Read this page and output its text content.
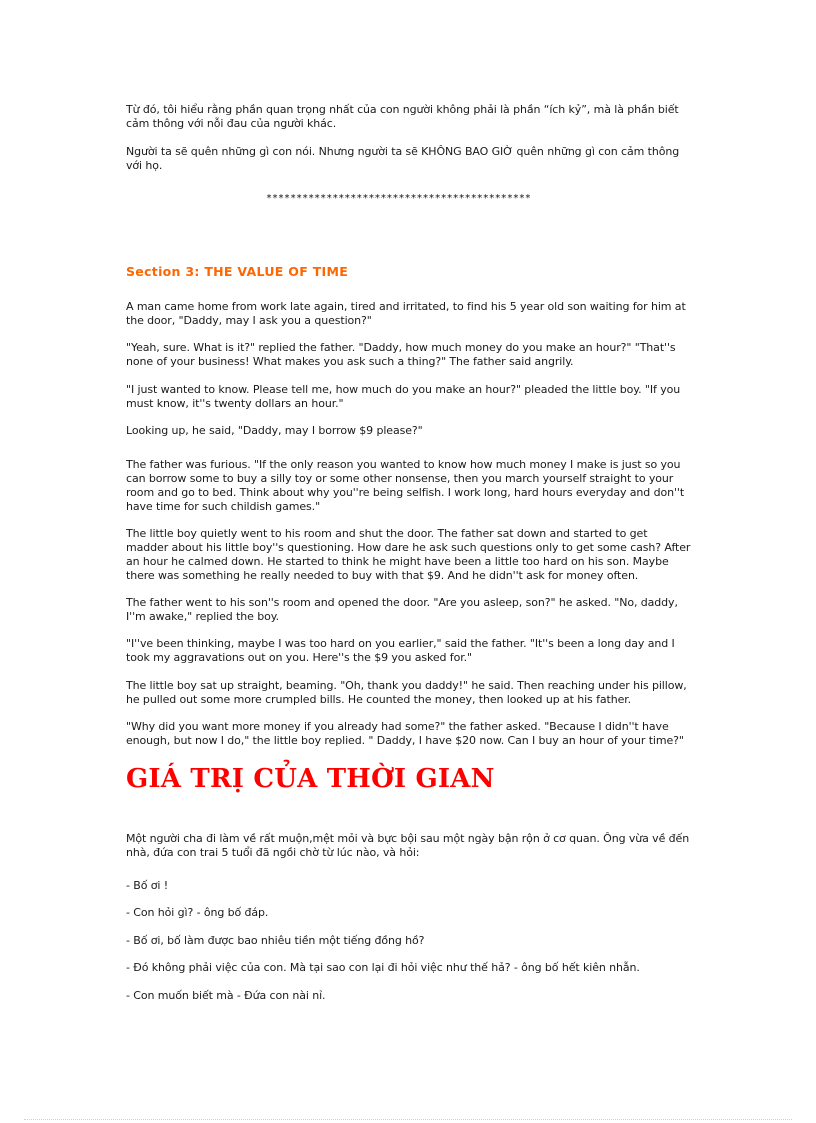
Từ đó, tôi hiểu rằng phần quan trọng nhất của con người không phải là phần “ích kỷ”, mà là phần biết cảm thông với nỗi đau của người khác.

Người ta sẽ quên những gì con nói. Nhưng người ta sẽ KHÔNG BAO GIỜ quên những gì con cảm thông với họ.

********************************************
Section 3: THE VALUE OF TIME

A man came home from work late again, tired and irritated, to find his 5 year old son waiting for him at the door, "Daddy, may I ask you a question?"

"Yeah, sure. What is it?" replied the father. "Daddy, how much money do you make an hour?" "That''s none of your business! What makes you ask such a thing?" The father said angrily.

"I just wanted to know. Please tell me, how much do you make an hour?" pleaded the little boy. "If you must know, it''s twenty dollars an hour."

Looking up, he said, "Daddy, may I borrow $9 please?"

The father was furious. "If the only reason you wanted to know how much money I make is just so you can borrow some to buy a silly toy or some other nonsense, then you march yourself straight to your room and go to bed. Think about why you''re being selfish. I work long, hard hours everyday and don''t have time for such childish games."

The little boy quietly went to his room and shut the door. The father sat down and started to get madder about his little boy''s questioning. How dare he ask such questions only to get some cash? After an hour he calmed down. He started to think he might have been a little too hard on his son. Maybe there was something he really needed to buy with that $9. And he didn''t ask for money often.

The father went to his son''s room and opened the door. "Are you asleep, son?" he asked. "No, daddy, I''m awake," replied the boy.

"I''ve been thinking, maybe I was too hard on you earlier," said the father. "It''s been a long day and I took my aggravations out on you. Here''s the $9 you asked for."

The little boy sat up straight, beaming. "Oh, thank you daddy!" he said. Then reaching under his pillow, he pulled out some more crumpled bills. He counted the money, then looked up at his father.

"Why did you want more money if you already had some?" the father asked. "Because I didn''t have enough, but now I do," the little boy replied. " Daddy, I have $20 now. Can I buy an hour of your time?"

GIÁ TRỊ CỦA THỜI GIAN

Một người cha đi làm về rất muộn,mệt mỏi và bực bội sau một ngày bận rộn ở cơ quan. Ông vừa về đến nhà, đứa con trai 5 tuổi đã ngồi chờ từ lúc nào, và hỏi:

- Bố ơi !

- Con hỏi gì? - ông bố đáp.

- Bố ơi, bố làm được bao nhiêu tiền một tiếng đồng hồ?

- Đó không phải việc của con. Mà tại sao con lại đi hỏi việc như thế hả? - ông bố hết kiên nhẫn.

- Con muốn biết mà - Đứa con nài nỉ.
